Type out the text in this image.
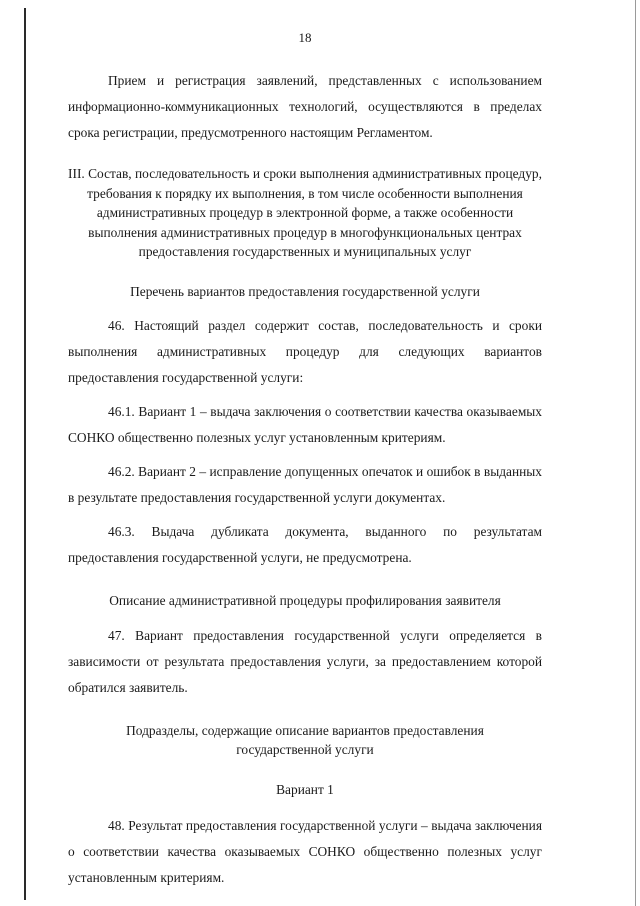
18

Прием и регистрация заявлений, представленных с использованием информационно-коммуникационных технологий, осуществляются в пределах срока регистрации, предусмотренного настоящим Регламентом.

III. Состав, последовательность и сроки выполнения административных процедур, требования к порядку их выполнения, в том числе особенности выполнения административных процедур в электронной форме, а также особенности выполнения административных процедур в многофункциональных центрах предоставления государственных и муниципальных услуг

Перечень вариантов предоставления государственной услуги

46. Настоящий раздел содержит состав, последовательность и сроки выполнения административных процедур для следующих вариантов предоставления государственной услуги:

46.1. Вариант 1 – выдача заключения о соответствии качества оказываемых СОНКО общественно полезных услуг установленным критериям.

46.2. Вариант 2 – исправление допущенных опечаток и ошибок в выданных в результате предоставления государственной услуги документах.

46.3. Выдача дубликата документа, выданного по результатам предоставления государственной услуги, не предусмотрена.

Описание административной процедуры профилирования заявителя

47. Вариант предоставления государственной услуги определяется в зависимости от результата предоставления услуги, за предоставлением которой обратился заявитель.

Подразделы, содержащие описание вариантов предоставления государственной услуги

Вариант 1

48. Результат предоставления государственной услуги – выдача заключения о соответствии качества оказываемых СОНКО общественно полезных услуг установленным критериям.
